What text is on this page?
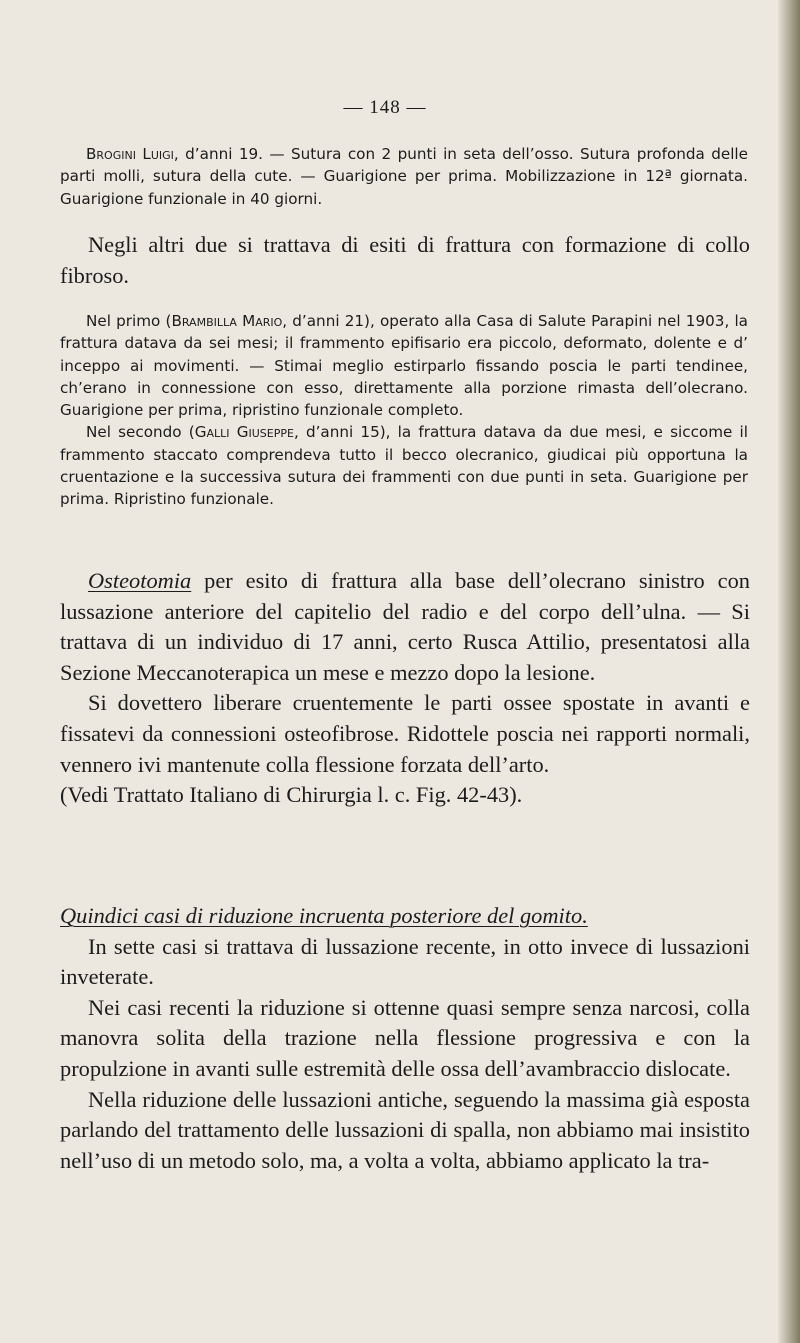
— 148 —

Brogini Luigi, d’anni 19. — Sutura con 2 punti in seta dell’osso. Sutura profonda delle parti molli, sutura della cute. — Guarigione per prima. Mobilizzazione in 12ª giornata. Guarigione funzionale in 40 giorni.

Negli altri due si trattava di esiti di frattura con formazione di collo fibroso.

Nel primo (Brambilla Mario, d’anni 21), operato alla Casa di Salute Parapini nel 1903, la frattura datava da sei mesi; il frammento epifisario era piccolo, deformato, dolente e d’ inceppo ai movimenti. — Stimai meglio estirparlo fissando poscia le parti tendinee, ch’erano in connessione con esso, direttamente alla porzione rimasta dell’olecrano. Guarigione per prima, ripristino funzionale completo.

Nel secondo (Galli Giuseppe, d’anni 15), la frattura datava da due mesi, e siccome il frammento staccato comprendeva tutto il becco olecranico, giudicai più opportuna la cruentazione e la successiva sutura dei frammenti con due punti in seta. Guarigione per prima. Ripristino funzionale.

Osteotomia per esito di frattura alla base dell’olecrano sinistro con lussazione anteriore del capitelio del radio e del corpo dell’ulna. — Si trattava di un individuo di 17 anni, certo Rusca Attilio, presentatosi alla Sezione Meccanoterapica un mese e mezzo dopo la lesione.

Si dovettero liberare cruentemente le parti ossee spostate in avanti e fissatevi da connessioni osteofibrose. Ridottele poscia nei rapporti normali, vennero ivi mantenute colla flessione forzata dell’arto.

(Vedi Trattato Italiano di Chirurgia l. c. Fig. 42-43).

Quindici casi di riduzione incruenta posteriore del gomito.

In sette casi si trattava di lussazione recente, in otto invece di lussazioni inveterate.

Nei casi recenti la riduzione si ottenne quasi sempre senza narcosi, colla manovra solita della trazione nella flessione progressiva e con la propulzione in avanti sulle estremità delle ossa dell’avambraccio dislocate.

Nella riduzione delle lussazioni antiche, seguendo la massima già esposta parlando del trattamento delle lussazioni di spalla, non abbiamo mai insistito nell’uso di un metodo solo, ma, a volta a volta, abbiamo applicato la tra-
